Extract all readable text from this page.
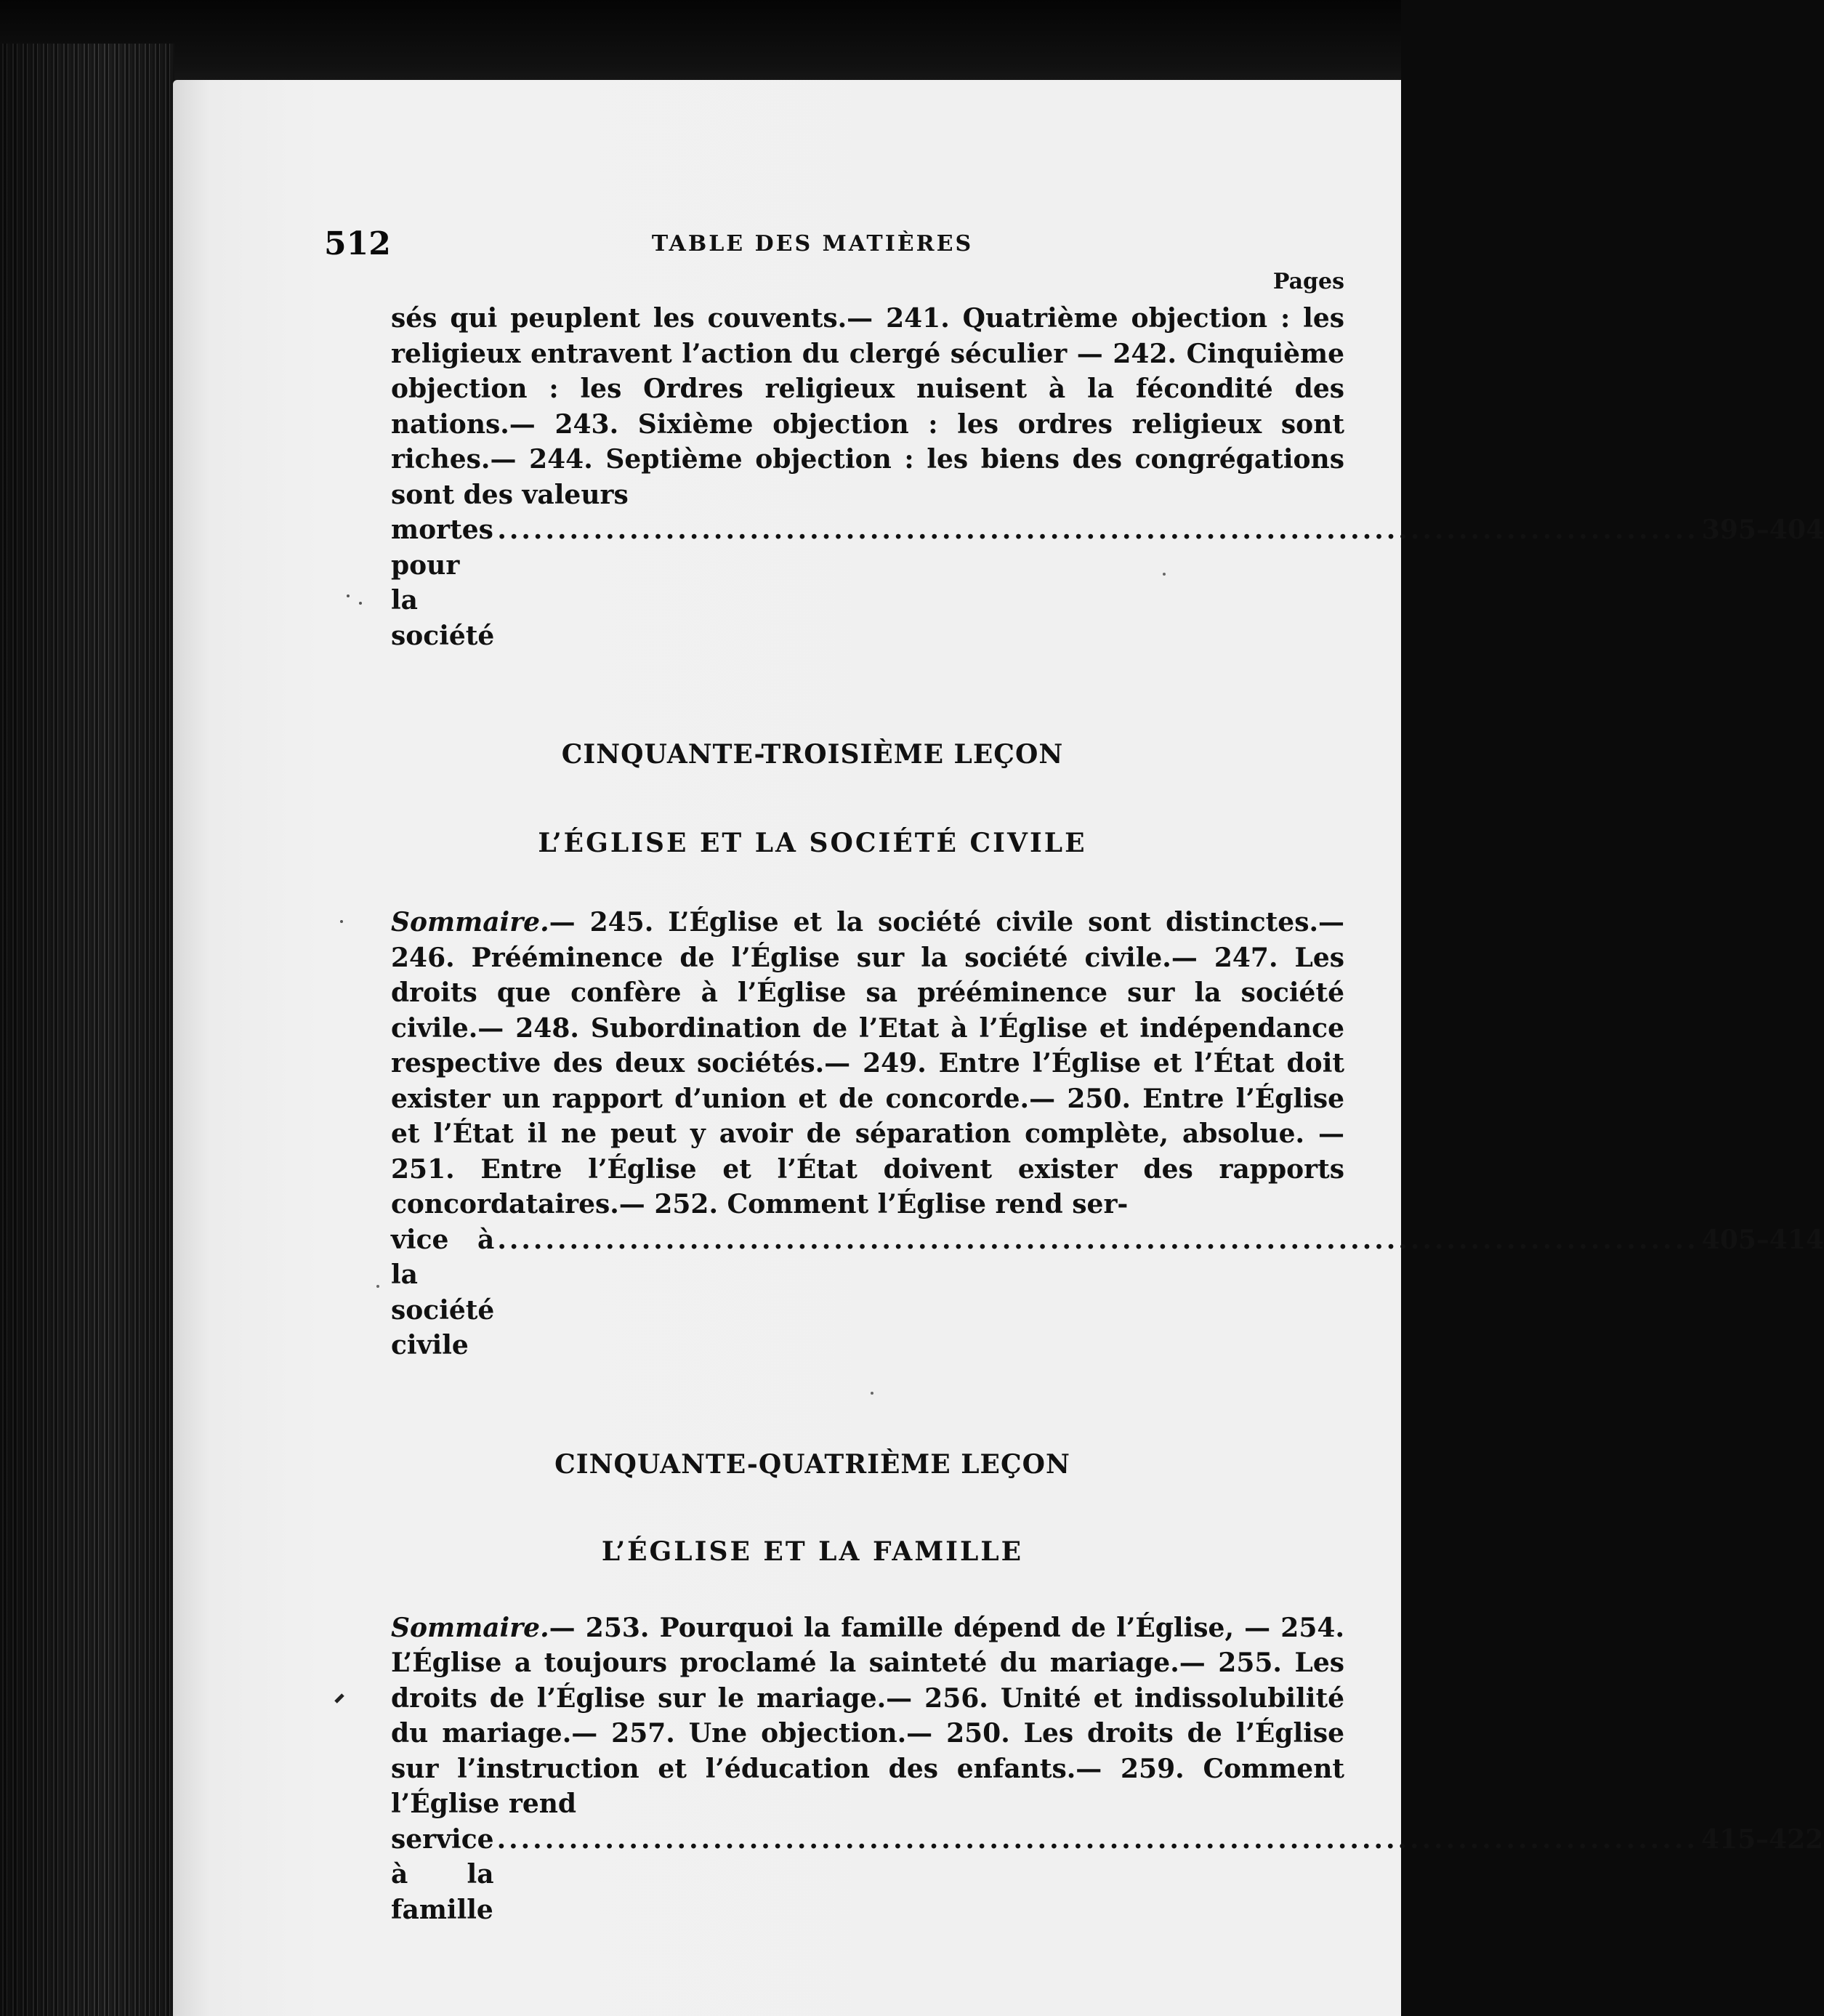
512	TABLE DES MATIÈRES
Pages
sés qui peuplent les couvents.— 241. Quatrième objection : les religieux entravent l’action du clergé séculier — 242. Cinquième objection : les Ordres religieux nuisent à la fécondité des nations.— 243. Sixième objection : les ordres religieux sont riches.— 244. Septième objection : les biens des congrégations sont des valeurs
mortes pour la société
.................................................................................................... 395–404

CINQUANTE-TROISIÈME LEÇON

L’ÉGLISE ET LA SOCIÉTÉ CIVILE

Sommaire.— 245. L’Église et la société civile sont distinctes.— 246. Prééminence de l’Église sur la société civile.— 247. Les droits que confère à l’Église sa prééminence sur la société civile.— 248. Subordination de l’Etat à l’Église et indépendance respective des deux sociétés.— 249. Entre l’Église et l’État doit exister un rapport d’union et de concorde.— 250. Entre l’Église et l’État il ne peut y avoir de séparation complète, absolue. — 251. Entre l’Église et l’État doivent exister des rapports concordataires.— 252. Comment l’Église rend ser-
vice à la société civile
.................................................................................................... 405–414

CINQUANTE-QUATRIÈME LEÇON

L’ÉGLISE ET LA FAMILLE

Sommaire.— 253. Pourquoi la famille dépend de l’Église, — 254. L’Église a toujours proclamé la sainteté du mariage.— 255. Les droits de l’Église sur le mariage.— 256. Unité et indissolubilité du mariage.— 257. Une objection.— 250. Les droits de l’Église sur l’instruction et l’éducation des enfants.— 259. Comment l’Église rend
service à la famille
.................................................................................................... 415–422
